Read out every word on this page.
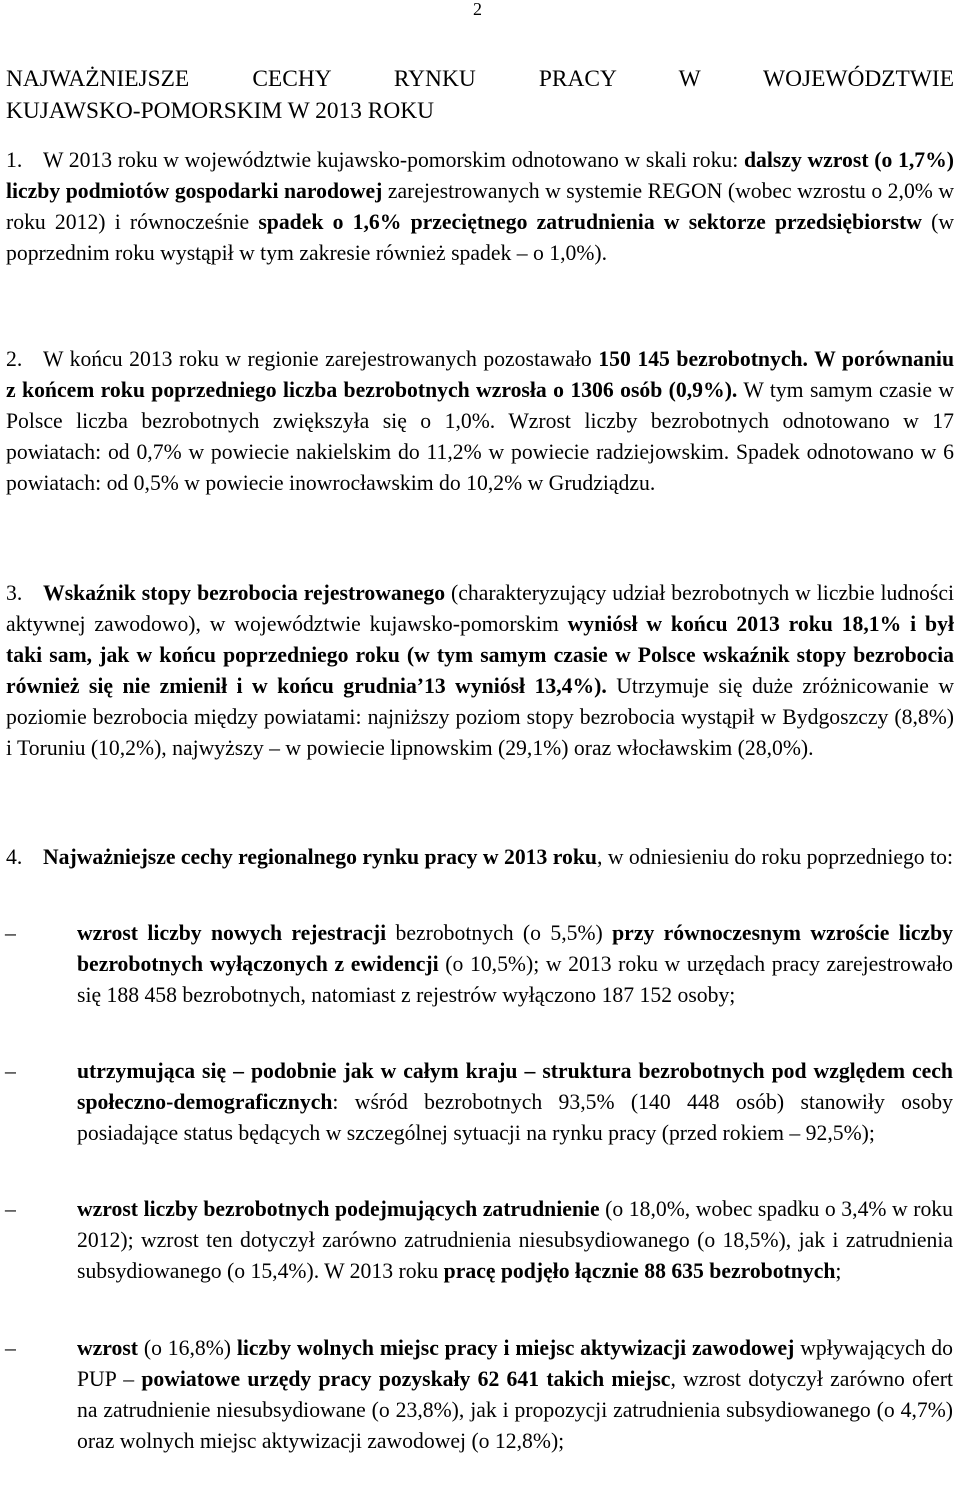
2
NAJWAŻNIEJSZE CECHY RYNKU PRACY W WOJEWÓDZTWIE
KUJAWSKO-POMORSKIM W 2013 ROKU
1. W 2013 roku w województwie kujawsko-pomorskim odnotowano w skali roku: dalszy wzrost (o 1,7%) liczby podmiotów gospodarki narodowej zarejestrowanych w systemie REGON (wobec wzrostu o 2,0% w roku 2012) i równocześnie spadek o 1,6% przeciętnego zatrudnienia w sektorze przedsiębiorstw (w poprzednim roku wystąpił w tym zakresie również spadek – o 1,0%).
2. W końcu 2013 roku w regionie zarejestrowanych pozostawało 150 145 bezrobotnych. W porównaniu z końcem roku poprzedniego liczba bezrobotnych wzrosła o 1306 osób (0,9%). W tym samym czasie w Polsce liczba bezrobotnych zwiększyła się o 1,0%. Wzrost liczby bezrobotnych odnotowano w 17 powiatach: od 0,7% w powiecie nakielskim do 11,2% w powiecie radziejowskim. Spadek odnotowano w 6 powiatach: od 0,5% w powiecie inowrocławskim do 10,2% w Grudziądzu.
3. Wskaźnik stopy bezrobocia rejestrowanego (charakteryzujący udział bezrobotnych w liczbie ludności aktywnej zawodowo), w województwie kujawsko-pomorskim wyniósł w końcu 2013 roku 18,1% i był taki sam, jak w końcu poprzedniego roku (w tym samym czasie w Polsce wskaźnik stopy bezrobocia również się nie zmienił i w końcu grudnia’13 wyniósł 13,4%). Utrzymuje się duże zróżnicowanie w poziomie bezrobocia między powiatami: najniższy poziom stopy bezrobocia wystąpił w Bydgoszczy (8,8%) i Toruniu (10,2%), najwyższy – w powiecie lipnowskim (29,1%) oraz włocławskim (28,0%).
4. Najważniejsze cechy regionalnego rynku pracy w 2013 roku, w odniesieniu do roku poprzedniego to:
–	wzrost liczby nowych rejestracji bezrobotnych (o 5,5%) przy równoczesnym wzroście liczby bezrobotnych wyłączonych z ewidencji (o 10,5%); w 2013 roku w urzędach pracy zarejestrowało się 188 458 bezrobotnych, natomiast z rejestrów wyłączono 187 152 osoby;
–	utrzymująca się – podobnie jak w całym kraju – struktura bezrobotnych pod względem cech społeczno-demograficznych: wśród bezrobotnych 93,5% (140 448 osób) stanowiły osoby posiadające status będących w szczególnej sytuacji na rynku pracy (przed rokiem – 92,5%);
–	wzrost liczby bezrobotnych podejmujących zatrudnienie (o 18,0%, wobec spadku o 3,4% w roku 2012); wzrost ten dotyczył zarówno zatrudnienia niesubsydiowanego (o 18,5%), jak i zatrudnienia subsydiowanego (o 15,4%). W 2013 roku pracę podjęło łącznie 88 635 bezrobotnych;
–	wzrost (o 16,8%) liczby wolnych miejsc pracy i miejsc aktywizacji zawodowej wpływających do PUP – powiatowe urzędy pracy pozyskały 62 641 takich miejsc, wzrost dotyczył zarówno ofert na zatrudnienie niesubsydiowane (o 23,8%), jak i propozycji zatrudnienia subsydiowanego (o 4,7%) oraz wolnych miejsc aktywizacji zawodowej (o 12,8%);
